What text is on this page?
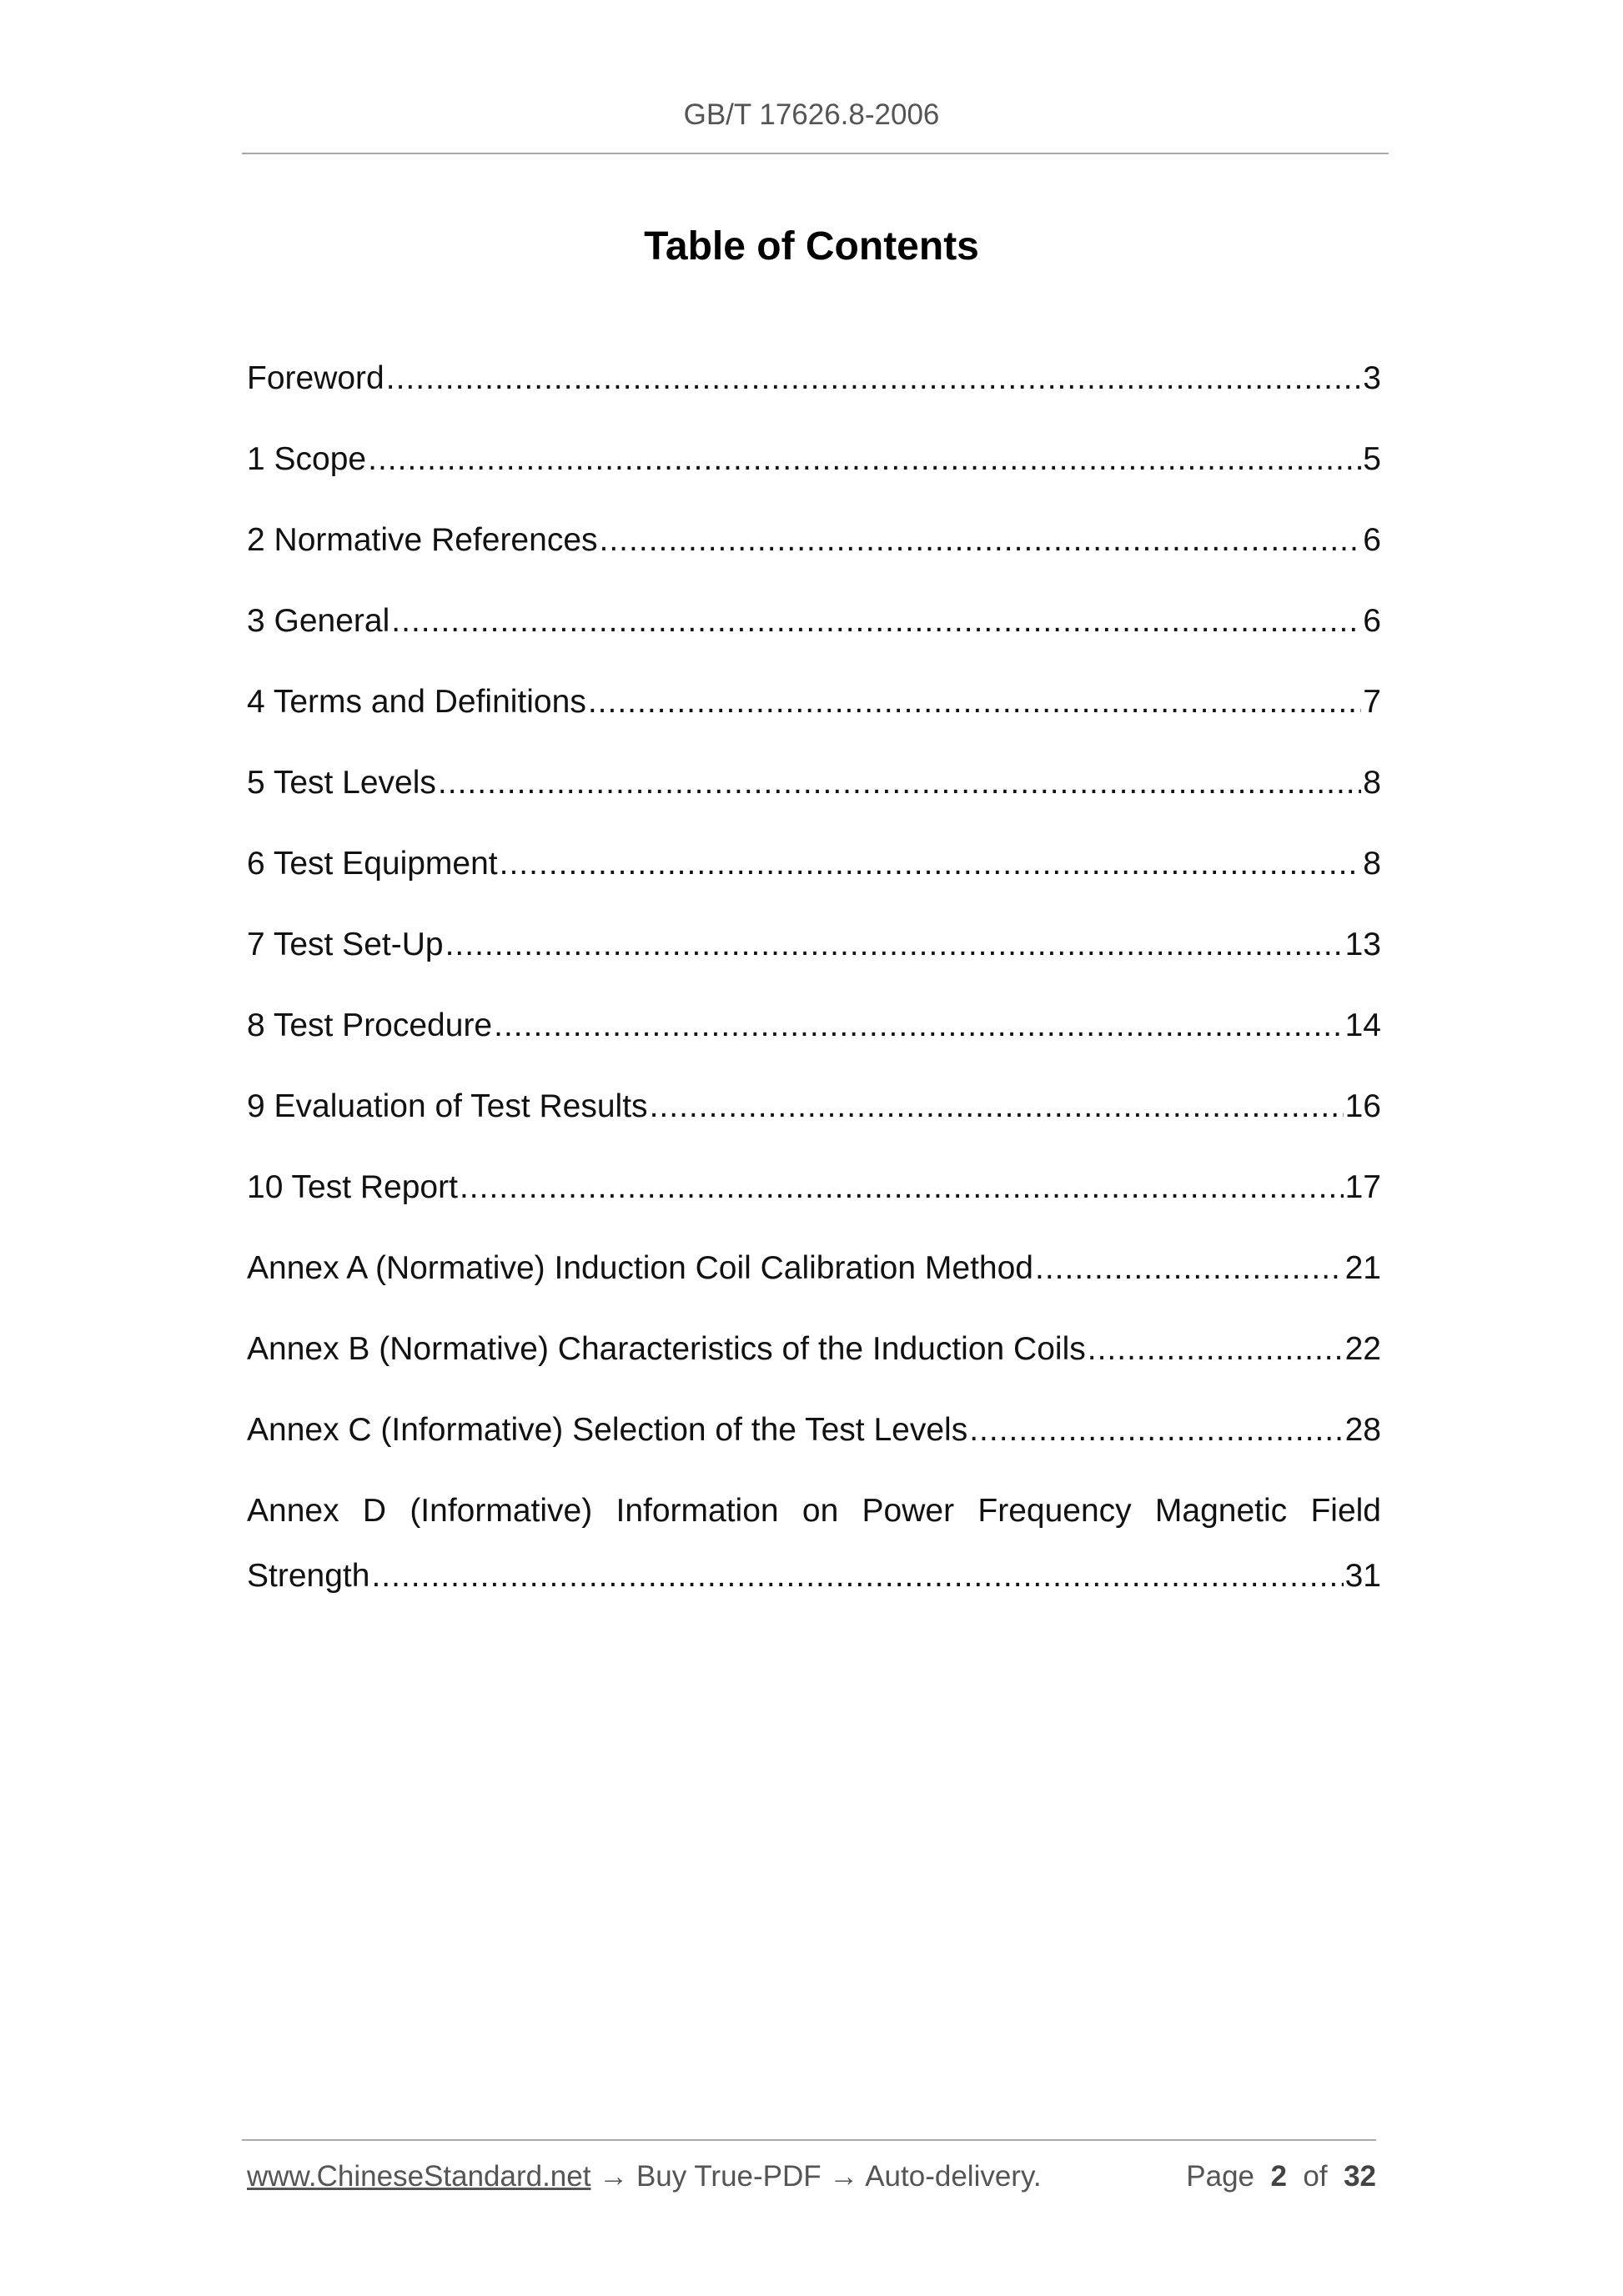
GB/T 17626.8-2006
Table of Contents
Foreword .....	3
1 Scope .....	5
2 Normative References .....	6
3 General .....	6
4 Terms and Definitions .....	7
5 Test Levels .....	8
6 Test Equipment .....	8
7 Test Set-Up .....	13
8 Test Procedure .....	14
9 Evaluation of Test Results .....	16
10 Test Report .....	17
Annex A (Normative) Induction Coil Calibration Method .....	21
Annex B (Normative) Characteristics of the Induction Coils .....	22
Annex C (Informative) Selection of the Test Levels .....	28
Annex D (Informative) Information on Power Frequency Magnetic Field
Strength .....	31
www.ChineseStandard.net → Buy True-PDF → Auto-delivery.	Page 2 of 32
